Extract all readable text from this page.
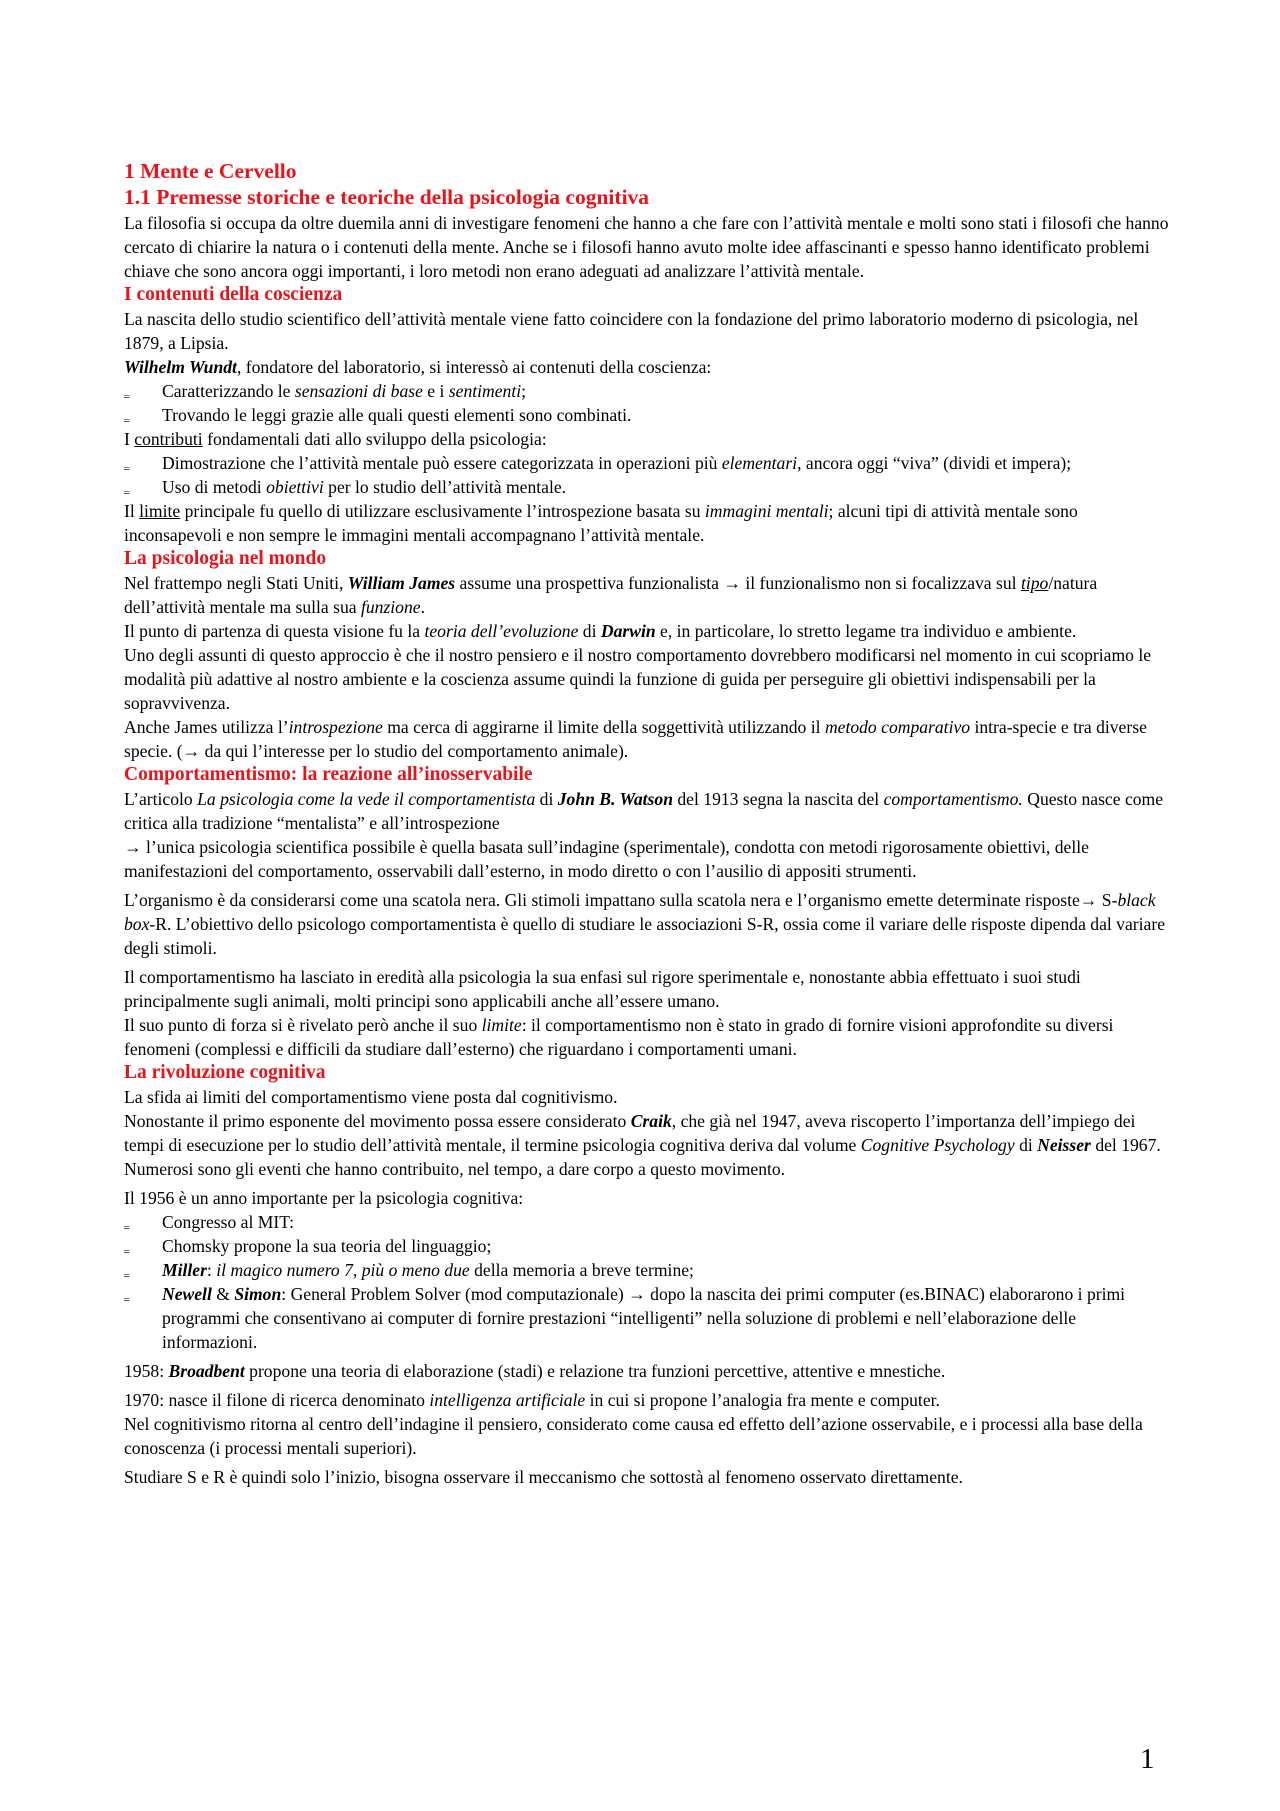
1 Mente e Cervello
1.1 Premesse storiche e teoriche della psicologia cognitiva

La filosofia si occupa da oltre duemila anni di investigare fenomeni che hanno a che fare con l’attività mentale e molti sono stati i filosofi che hanno cercato di chiarire la natura o i contenuti della mente. Anche se i filosofi hanno avuto molte idee affascinanti e spesso hanno identificato problemi chiave che sono ancora oggi importanti, i loro metodi non erano adeguati ad analizzare l’attività mentale.

I contenuti della coscienza

La nascita dello studio scientifico dell’attività mentale viene fatto coincidere con la fondazione del primo laboratorio moderno di psicologia, nel 1879, a Lipsia.

Wilhelm Wundt, fondatore del laboratorio, si interessò ai contenuti della coscienza:

‗ Caratterizzando le sensazioni di base e i sentimenti;
‗ Trovando le leggi grazie alle quali questi elementi sono combinati.

I contributi fondamentali dati allo sviluppo della psicologia:

‗ Dimostrazione che l’attività mentale può essere categorizzata in operazioni più elementari, ancora oggi “viva” (dividi et impera);
‗ Uso di metodi obiettivi per lo studio dell’attività mentale.

Il limite principale fu quello di utilizzare esclusivamente l’introspezione basata su immagini mentali; alcuni tipi di attività mentale sono inconsapevoli e non sempre le immagini mentali accompagnano l’attività mentale.

La psicologia nel mondo

Nel frattempo negli Stati Uniti, William James assume una prospettiva funzionalista → il funzionalismo non si focalizzava sul tipo/natura dell’attività mentale ma sulla sua funzione.

Il punto di partenza di questa visione fu la teoria dell’evoluzione di Darwin e, in particolare, lo stretto legame tra individuo e ambiente.

Uno degli assunti di questo approccio è che il nostro pensiero e il nostro comportamento dovrebbero modificarsi nel momento in cui scopriamo le modalità più adattive al nostro ambiente e la coscienza assume quindi la funzione di guida per perseguire gli obiettivi indispensabili per la sopravvivenza.

Anche James utilizza l’introspezione ma cerca di aggirarne il limite della soggettività utilizzando il metodo comparativo intra-specie e tra diverse specie. (→ da qui l’interesse per lo studio del comportamento animale).

Comportamentismo: la reazione all’inosservabile

L’articolo La psicologia come la vede il comportamentista di John B. Watson del 1913 segna la nascita del comportamentismo. Questo nasce come critica alla tradizione “mentalista” e all’introspezione

→ l’unica psicologia scientifica possibile è quella basata sull’indagine (sperimentale), condotta con metodi rigorosamente obiettivi, delle manifestazioni del comportamento, osservabili dall’esterno, in modo diretto o con l’ausilio di appositi strumenti.

L’organismo è da considerarsi come una scatola nera. Gli stimoli impattano sulla scatola nera e l’organismo emette determinate risposte→ S-black box-R. L’obiettivo dello psicologo comportamentista è quello di studiare le associazioni S-R, ossia come il variare delle risposte dipenda dal variare degli stimoli.

Il comportamentismo ha lasciato in eredità alla psicologia la sua enfasi sul rigore sperimentale e, nonostante abbia effettuato i suoi studi principalmente sugli animali, molti principi sono applicabili anche all’essere umano.

Il suo punto di forza si è rivelato però anche il suo limite: il comportamentismo non è stato in grado di fornire visioni approfondite su diversi fenomeni (complessi e difficili da studiare dall’esterno) che riguardano i comportamenti umani.

La rivoluzione cognitiva

La sfida ai limiti del comportamentismo viene posta dal cognitivismo.

Nonostante il primo esponente del movimento possa essere considerato Craik, che già nel 1947, aveva riscoperto l’importanza dell’impiego dei tempi di esecuzione per lo studio dell’attività mentale, il termine psicologia cognitiva deriva dal volume Cognitive Psychology di Neisser del 1967.

Numerosi sono gli eventi che hanno contribuito, nel tempo, a dare corpo a questo movimento.

Il 1956 è un anno importante per la psicologia cognitiva:

‗ Congresso al MIT:
‗ Chomsky propone la sua teoria del linguaggio;
‗ Miller: il magico numero 7, più o meno due della memoria a breve termine;
‗ Newell & Simon: General Problem Solver (mod computazionale) → dopo la nascita dei primi computer (es.BINAC) elaborarono i primi programmi che consentivano ai computer di fornire prestazioni “intelligenti” nella soluzione di problemi e nell’elaborazione delle informazioni.

1958: Broadbent propone una teoria di elaborazione (stadi) e relazione tra funzioni percettive, attentive e mnestiche.

1970: nasce il filone di ricerca denominato intelligenza artificiale in cui si propone l’analogia fra mente e computer.

Nel cognitivismo ritorna al centro dell’indagine il pensiero, considerato come causa ed effetto dell’azione osservabile, e i processi alla base della conoscenza (i processi mentali superiori).

Studiare S e R è quindi solo l’inizio, bisogna osservare il meccanismo che sottostà al fenomeno osservato direttamente.

1
